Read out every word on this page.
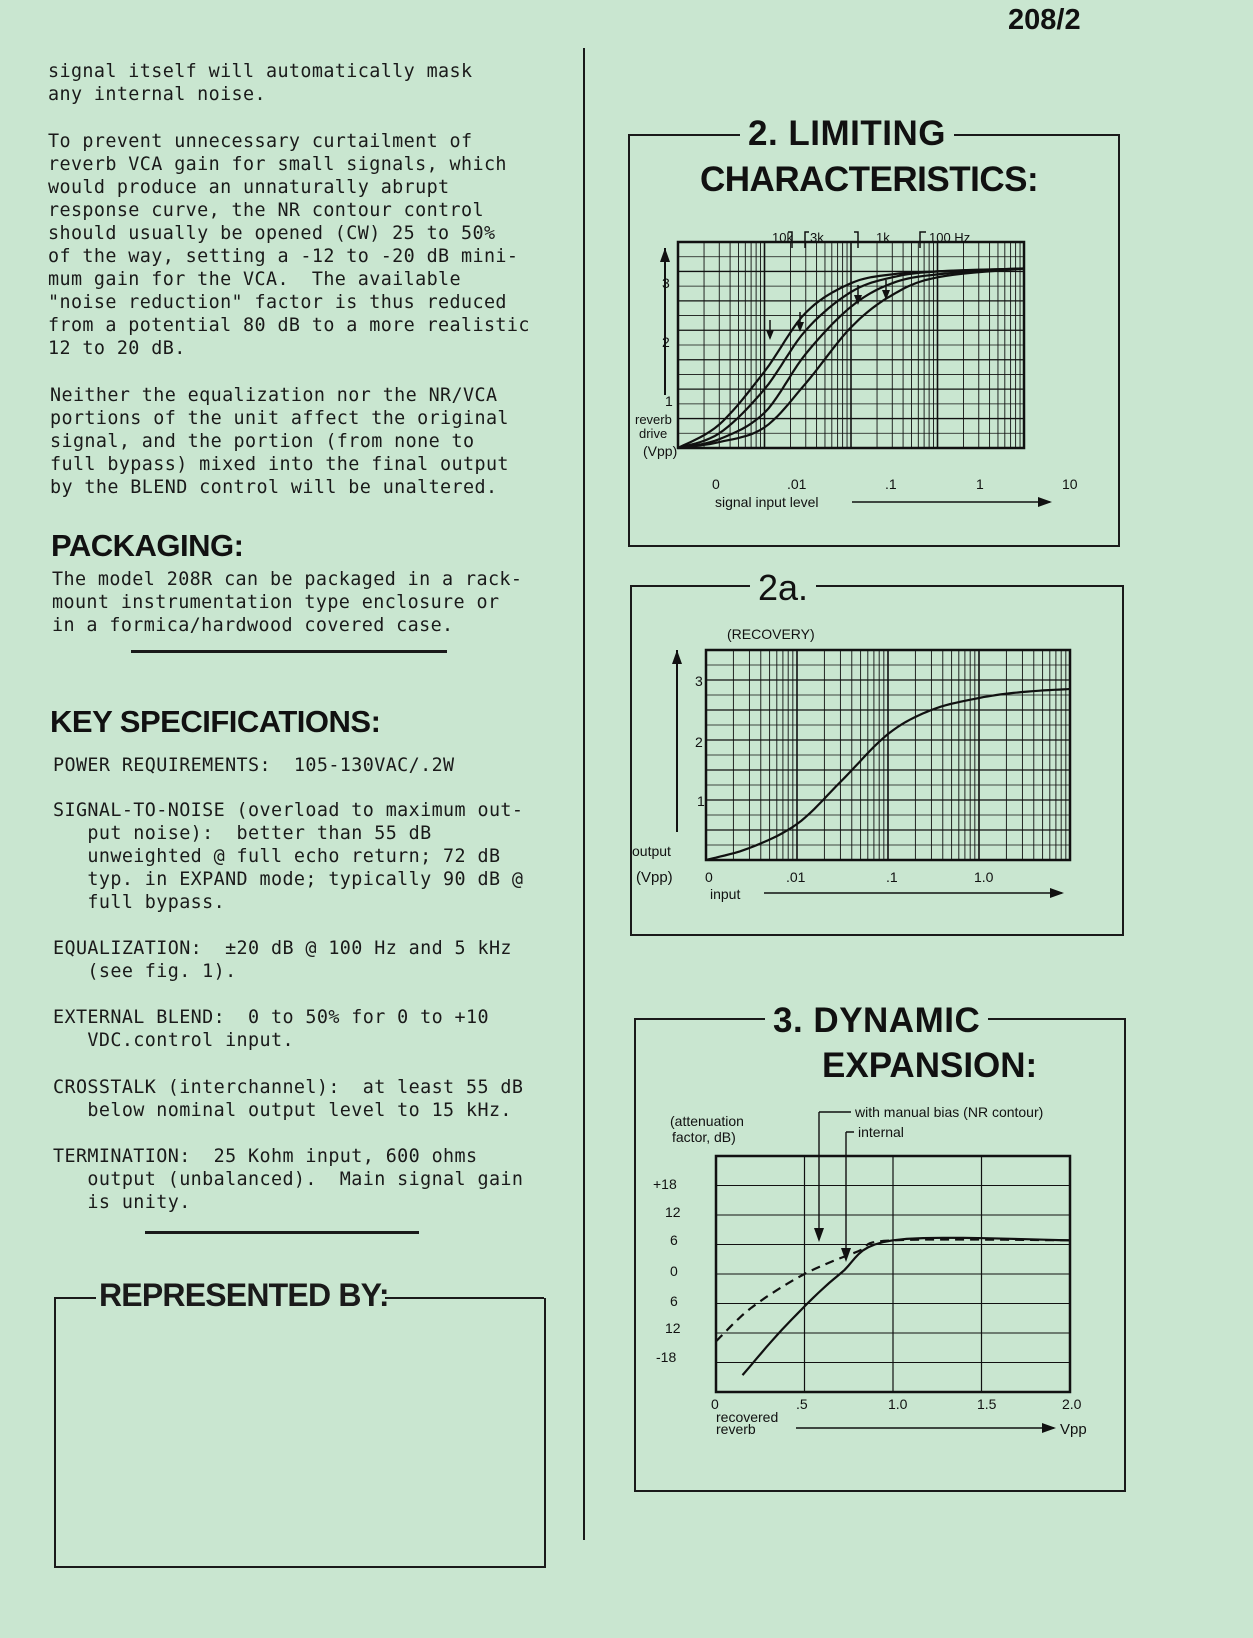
208/2
signal itself will automatically mask
any internal noise.
To prevent unnecessary curtailment of
reverb VCA gain for small signals, which
would produce an unnaturally abrupt
response curve, the NR contour control
should usually be opened (CW) 25 to 50%
of the way, setting a -12 to -20 dB mini-
mum gain for the VCA.  The available
"noise reduction" factor is thus reduced
from a potential 80 dB to a more realistic
12 to 20 dB.
Neither the equalization nor the NR/VCA
portions of the unit affect the original
signal, and the portion (from none to
full bypass) mixed into the final output
by the BLEND control will be unaltered.
PACKAGING:
The model 208R can be packaged in a rack-
mount instrumentation type enclosure or
in a formica/hardwood covered case.
KEY SPECIFICATIONS:
POWER REQUIREMENTS:  105-130VAC/.2W
SIGNAL-TO-NOISE (overload to maximum out-
put noise):  better than 55 dB
unweighted @ full echo return; 72 dB
typ. in EXPAND mode; typically 90 dB @
full bypass.
EQUALIZATION:  ±20 dB @ 100 Hz and 5 kHz
(see fig. 1).
EXTERNAL BLEND:  0 to 50% for 0 to +10
VDC.control input.
CROSSTALK (interchannel):  at least 55 dB
below nominal output level to 15 kHz.
TERMINATION:  25 Kohm input, 600 ohms
output (unbalanced).  Main signal gain
is unity.
REPRESENTED BY:
2. LIMITING
CHARACTERISTICS:
10k 3k	1k	100 Hz
reverb
drive
(Vpp)
3
2
1
0	.01	.1	1	10
signal input level
2a.
(RECOVERY)
output
(Vpp)
3
2
1
0	.01	.1	1.0
input
3. DYNAMIC
EXPANSION:
(attenuation
factor, dB)
with manual bias (NR contour)
internal
+18
12
6
0
6
12
-18
0	.5	1.0	1.5	2.0
recovered
reverb	Vpp
